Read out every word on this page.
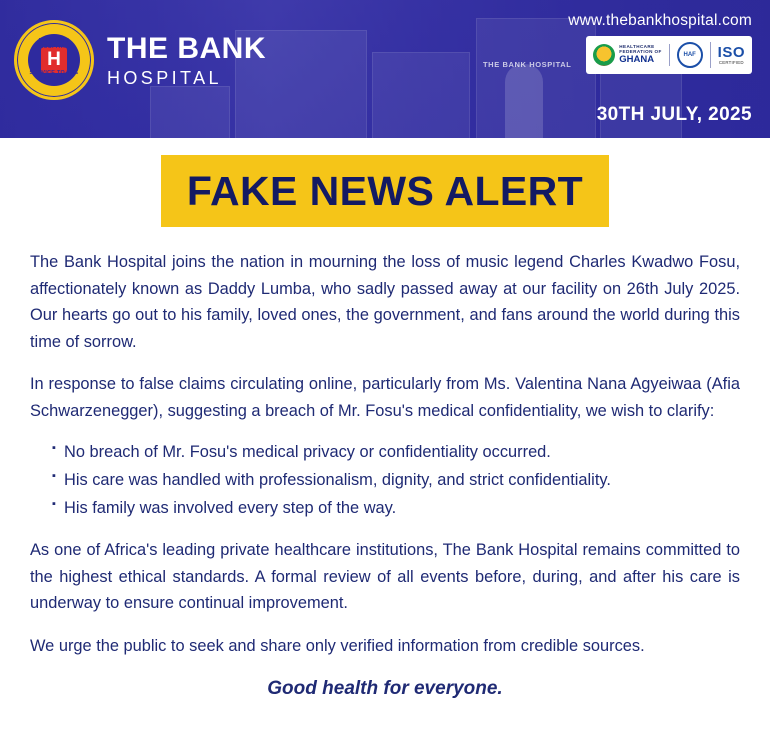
THE BANK HOSPITAL
THE BANK HOSPITAL
H
SERVICE TO THE NATION
THE BANK
HOSPITAL
www.thebankhospital.com
HEALTHCARE
FEDERATION OF
GHANA	HAF	ISO
CERTIFIED
30TH JULY, 2025
FAKE NEWS ALERT

The Bank Hospital joins the nation in mourning the loss of music legend Charles Kwadwo Fosu, affectionately known as Daddy Lumba, who sadly passed away at our facility on 26th July 2025. Our hearts go out to his family, loved ones, the government, and fans around the world during this time of sorrow.

In response to false claims circulating online, particularly from Ms. Valentina Nana Agyeiwaa (Afia Schwarzenegger), suggesting a breach of Mr. Fosu's medical confidentiality, we wish to clarify:

▪ No breach of Mr. Fosu's medical privacy or confidentiality occurred.
▪ His care was handled with professionalism, dignity, and strict confidentiality.
▪ His family was involved every step of the way.

As one of Africa's leading private healthcare institutions, The Bank Hospital remains committed to the highest ethical standards. A formal review of all events before, during, and after his care is underway to ensure continual improvement.

We urge the public to seek and share only verified information from credible sources.

Good health for everyone.
